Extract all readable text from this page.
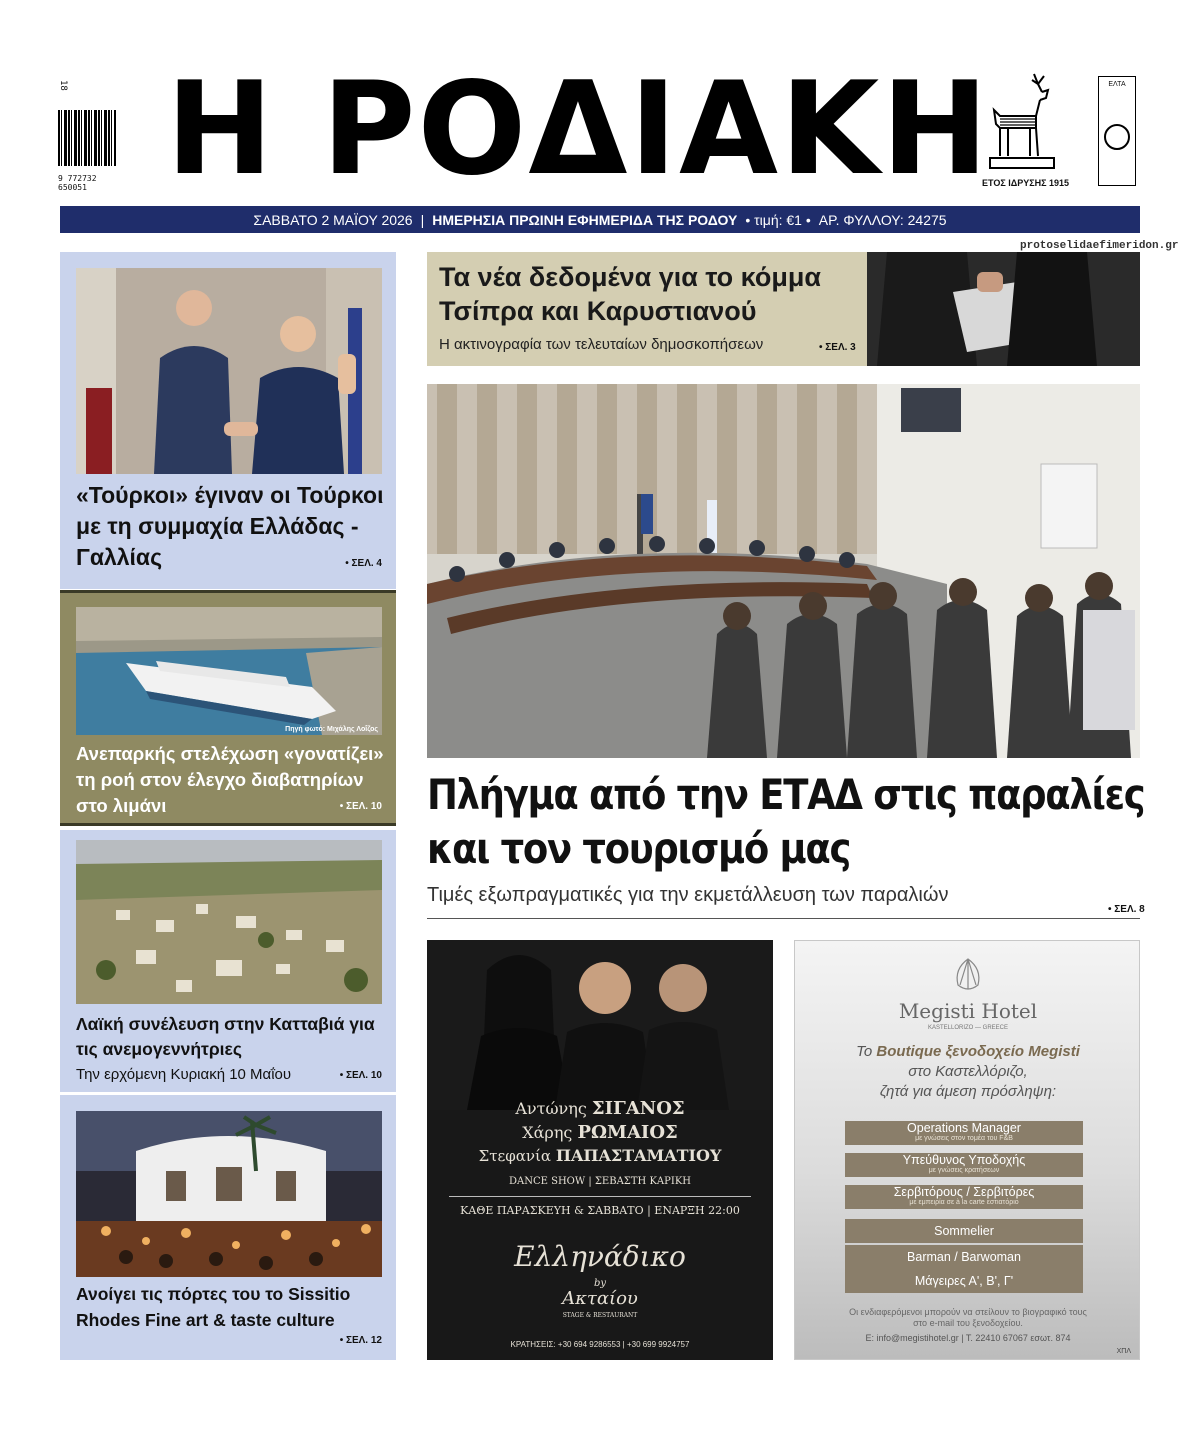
18
9 772732 650051 Η ΡΟΔΙΑΚΗ
ΕΤΟΣ ΙΔΡΥΣΗΣ 1915
ΕΛΤΑ
ΣΑΒΒΑΤΟ 2 ΜΑΪΟΥ 2026 | ΗΜΕΡΗΣΙΑ ΠΡΩΙΝΗ ΕΦΗΜΕΡΙΔΑ ΤΗΣ ΡΟΔΟΥ • τιμή: €1 • ΑΡ. ΦΥΛΛΟΥ: 24275
protoselidaefimeridon.gr
«Τούρκοι» έγιναν οι Τούρκοι με τη συμμαχία Ελλάδας - Γαλλίας	• ΣΕΛ. 4
Πηγή φωτό: Μιχάλης Λοΐζος
Ανεπαρκής στελέχωση «γονατίζει» τη ροή στον έλεγχο διαβατηρίων στο λιμάνι	• ΣΕΛ. 10
Λαϊκή συνέλευση στην Κατταβιά για τις ανεμογεννήτριες
Την ερχόμενη Κυριακή 10 Μαΐου	• ΣΕΛ. 10
Ανοίγει τις πόρτες του το Sissitio Rhodes Fine art & taste culture
• ΣΕΛ. 12
Τα νέα δεδομένα για το κόμμα Τσίπρα και Καρυστιανού
Η ακτινογραφία των τελευταίων δημοσκοπήσεων	• ΣΕΛ. 3
Πλήγμα από την ΕΤΑΔ στις παραλίες
και τον τουρισμό μας
Τιμές εξωπραγματικές για την εκμετάλλευση των παραλιών
• ΣΕΛ. 8
Αντώνης ΣΙΓΑΝΟΣ
Χάρης ΡΩΜΑΙΟΣ
Στεφανία ΠΑΠΑΣΤΑΜΑΤΙΟΥ
DANCE SHOW | ΣΕΒΑΣΤΗ ΚΑΡΙΚΗ
ΚΑΘΕ ΠΑΡΑΣΚΕΥΗ & ΣΑΒΒΑΤΟ | ΕΝΑΡΞΗ 22:00
Ελληνάδικο
by
Ακταίου
STAGE & RESTAURANT
ΚΡΑΤΗΣΕΙΣ: +30 694 9286553 | +30 699 9924757
Megisti Hotel
KASTELLORIZO — GREECE
Το Boutique ξενοδοχείο Megisti
στο Καστελλόριζο,
ζητά για άμεση πρόσληψη:
Operations Manager
με γνώσεις στον τομέα του F&B
Υπεύθυνος Υποδοχής
με γνώσεις κρατήσεων
Σερβιτόρους / Σερβιτόρες
με εμπειρία σε à la carte εστιατόριο
Sommelier
Barman / Barwoman
Μάγειρες Α', Β', Γ'
Οι ενδιαφερόμενοι μπορούν να στείλουν το βιογραφικό τους
στο e-mail του ξενοδοχείου.
E: info@megistihotel.gr | T. 22410 67067 εσωτ. 874
ΧΠΛ
